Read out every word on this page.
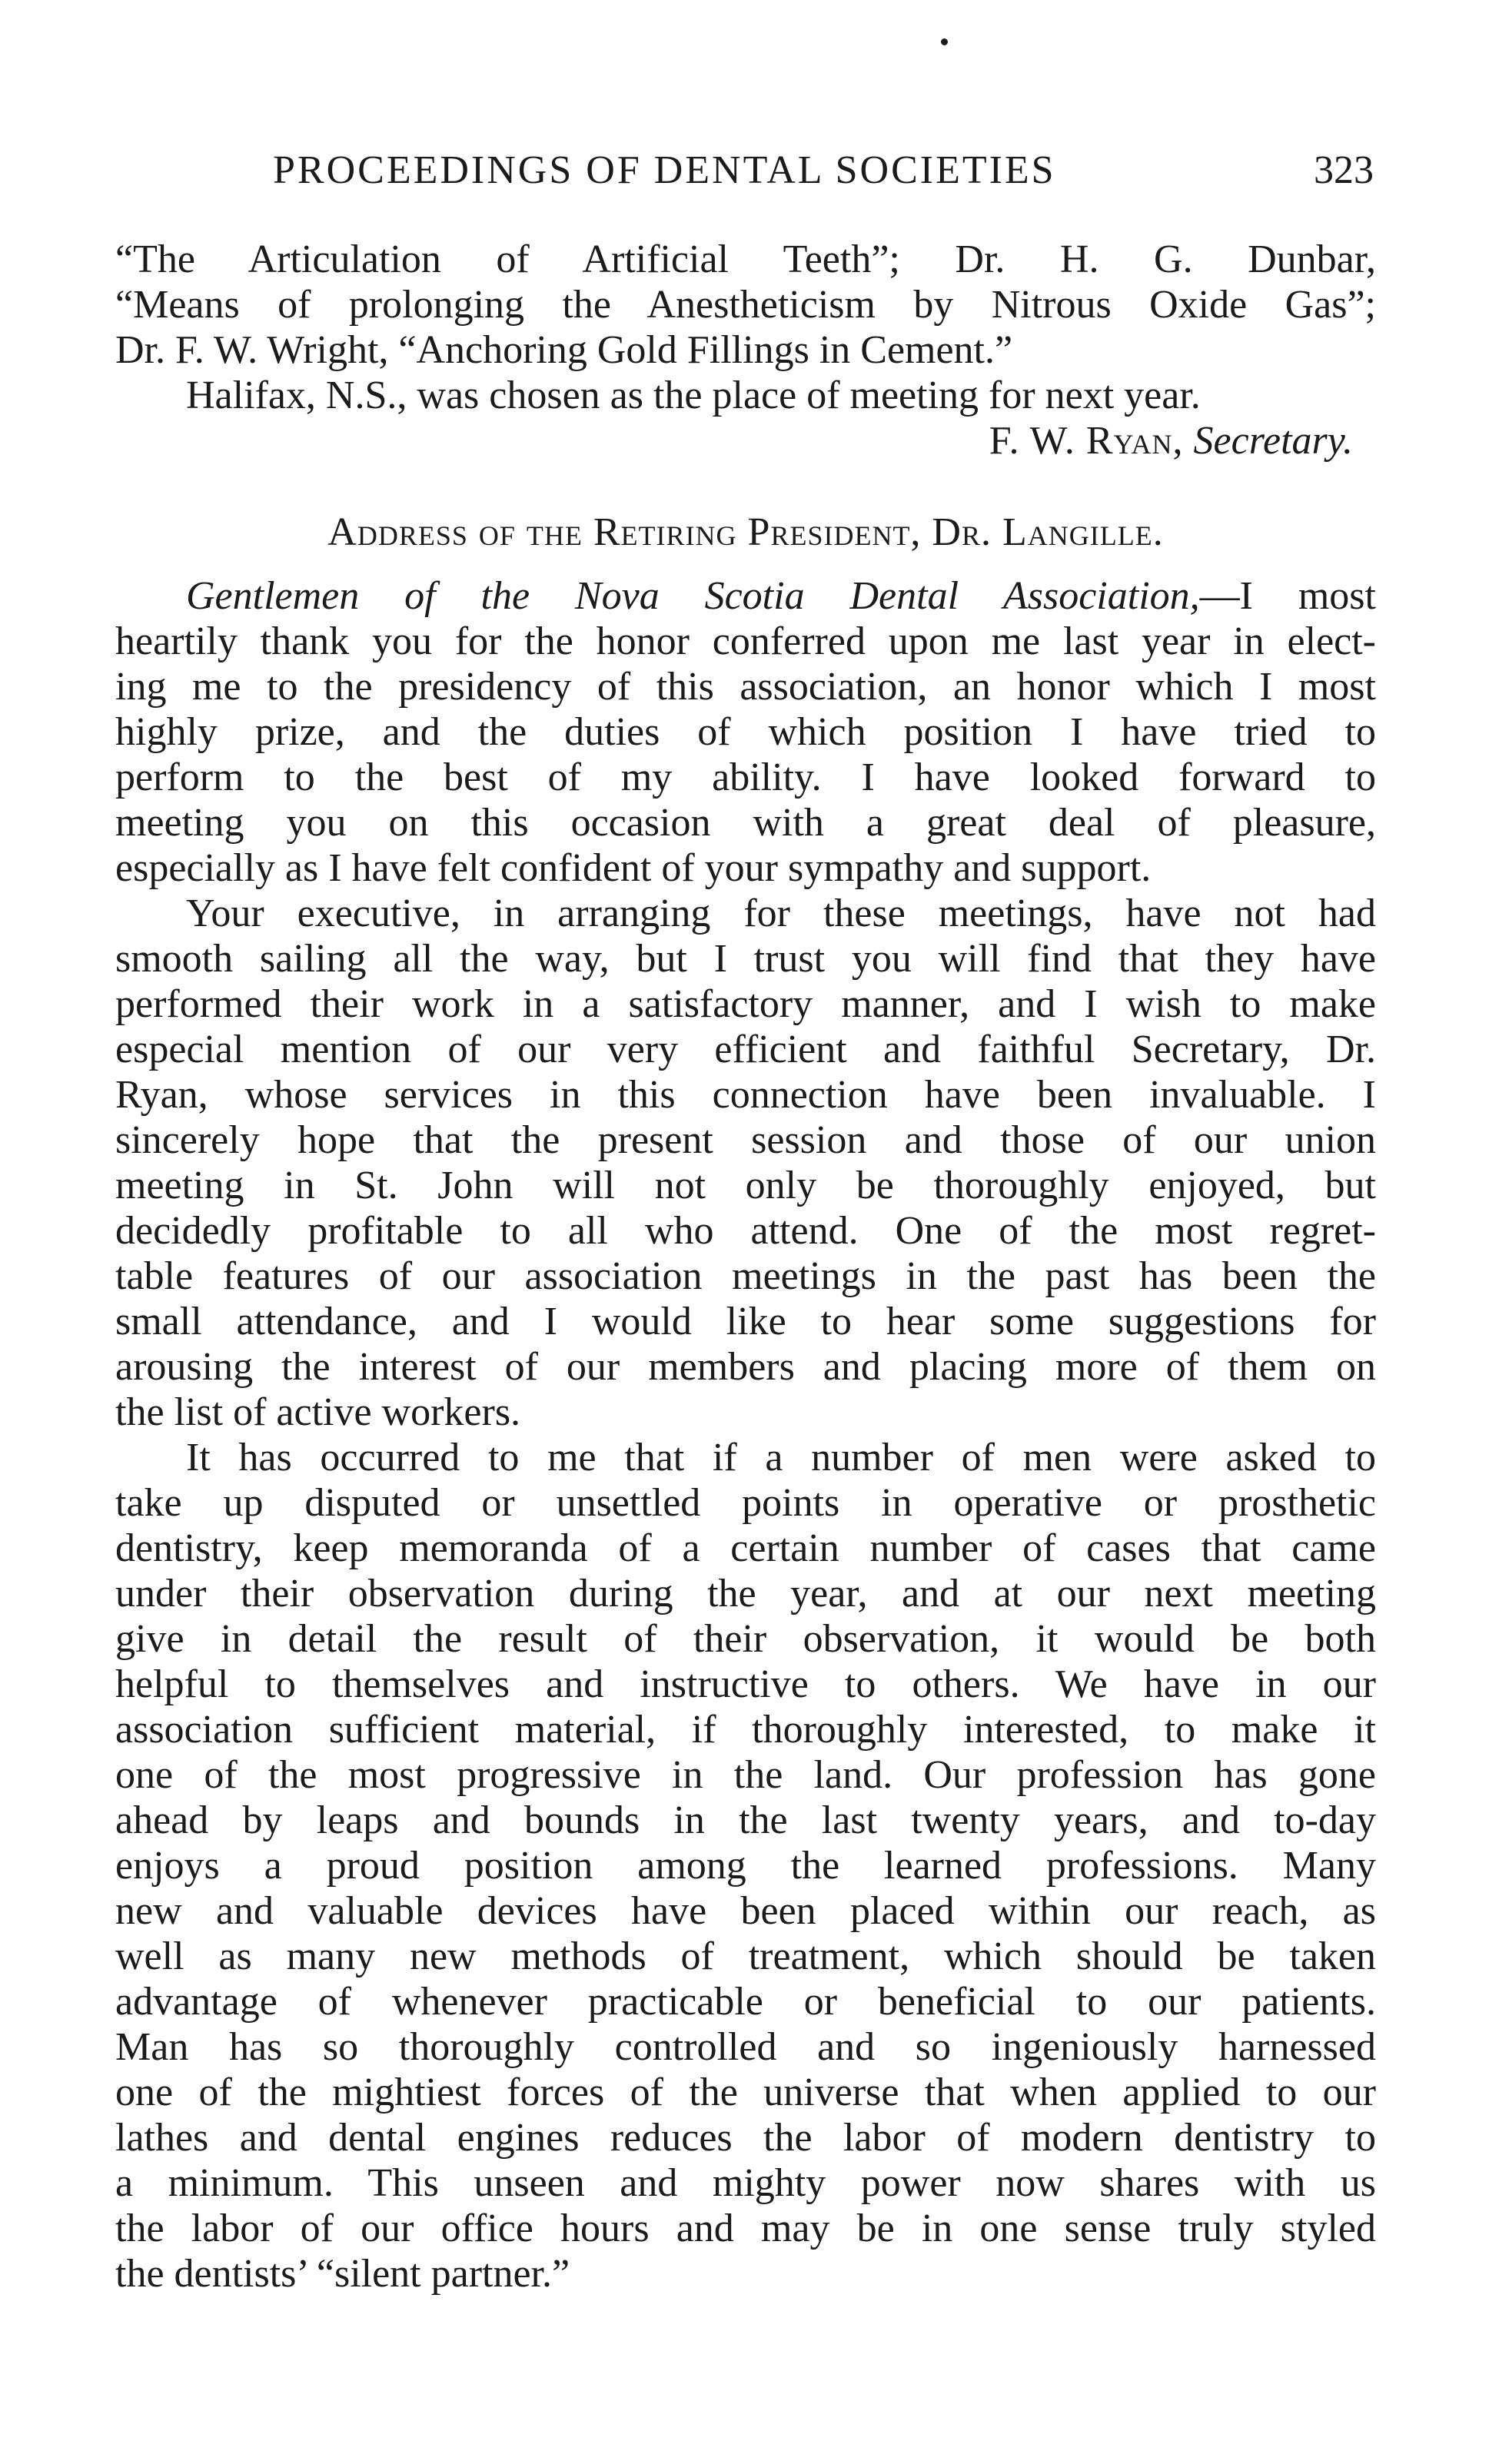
PROCEEDINGS OF DENTAL SOCIETIES	323
“The Articulation of Artificial Teeth”; Dr. H. G. Dunbar,
“Means of prolonging the Anestheticism by Nitrous Oxide Gas”;
Dr. F. W. Wright, “Anchoring Gold Fillings in Cement.”
Halifax, N.S., was chosen as the place of meeting for next year.
F. W. Ryan, Secretary.
Address of the Retiring President, Dr. Langille.
Gentlemen of the Nova Scotia Dental Association,—I most
heartily thank you for the honor conferred upon me last year in elect-
ing me to the presidency of this association, an honor which I most
highly prize, and the duties of which position I have tried to
perform to the best of my ability. I have looked forward to
meeting you on this occasion with a great deal of pleasure,
especially as I have felt confident of your sympathy and support.
Your executive, in arranging for these meetings, have not had
smooth sailing all the way, but I trust you will find that they have
performed their work in a satisfactory manner, and I wish to make
especial mention of our very efficient and faithful Secretary, Dr.
Ryan, whose services in this connection have been invaluable. I
sincerely hope that the present session and those of our union
meeting in St. John will not only be thoroughly enjoyed, but
decidedly profitable to all who attend. One of the most regret-
table features of our association meetings in the past has been the
small attendance, and I would like to hear some suggestions for
arousing the interest of our members and placing more of them on
the list of active workers.
It has occurred to me that if a number of men were asked to
take up disputed or unsettled points in operative or prosthetic
dentistry, keep memoranda of a certain number of cases that came
under their observation during the year, and at our next meeting
give in detail the result of their observation, it would be both
helpful to themselves and instructive to others. We have in our
association sufficient material, if thoroughly interested, to make it
one of the most progressive in the land. Our profession has gone
ahead by leaps and bounds in the last twenty years, and to-day
enjoys a proud position among the learned professions. Many
new and valuable devices have been placed within our reach, as
well as many new methods of treatment, which should be taken
advantage of whenever practicable or beneficial to our patients.
Man has so thoroughly controlled and so ingeniously harnessed
one of the mightiest forces of the universe that when applied to our
lathes and dental engines reduces the labor of modern dentistry to
a minimum. This unseen and mighty power now shares with us
the labor of our office hours and may be in one sense truly styled
the dentists’ “silent partner.”
